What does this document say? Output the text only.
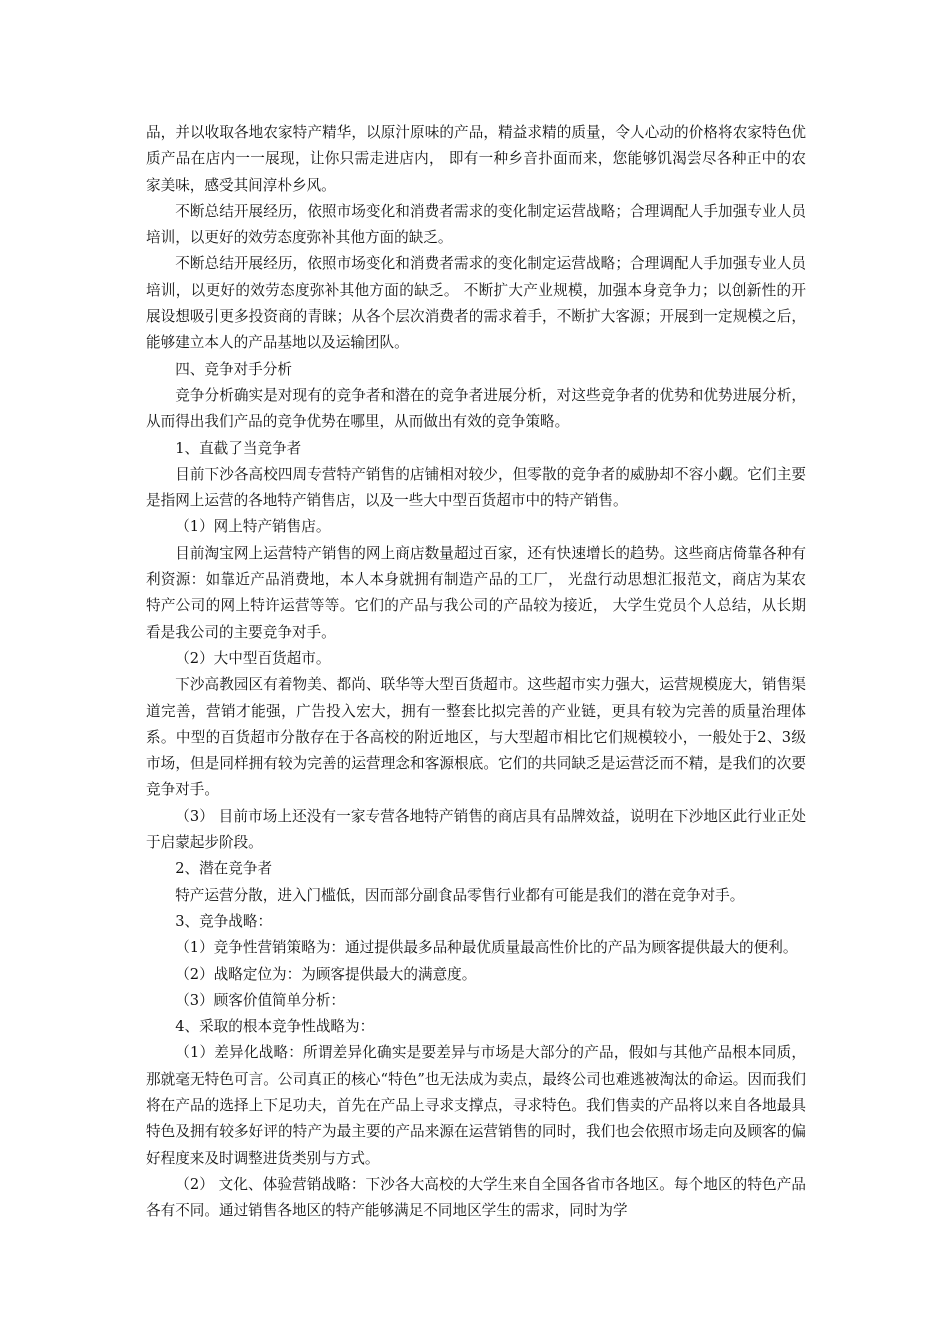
品，并以收取各地农家特产精华，以原汁原味的产品，精益求精的质量，令人心动的价格将农家特色优质产品在店内一一展现，让你只需走进店内， 即有一种乡音扑面而来，您能够饥渴尝尽各种正中的农家美味，感受其间淳朴乡风。

不断总结开展经历，依照市场变化和消费者需求的变化制定运营战略；合理调配人手加强专业人员培训，以更好的效劳态度弥补其他方面的缺乏。

不断总结开展经历，依照市场变化和消费者需求的变化制定运营战略；合理调配人手加强专业人员培训，以更好的效劳态度弥补其他方面的缺乏。 不断扩大产业规模，加强本身竞争力；以创新性的开展设想吸引更多投资商的青睐；从各个层次消费者的需求着手，不断扩大客源；开展到一定规模之后，能够建立本人的产品基地以及运输团队。

四、竞争对手分析

竞争分析确实是对现有的竞争者和潜在的竞争者进展分析，对这些竞争者的优势和优势进展分析，从而得出我们产品的竞争优势在哪里，从而做出有效的竞争策略。

1、直截了当竞争者

目前下沙各高校四周专营特产销售的店铺相对较少，但零散的竞争者的威胁却不容小觑。它们主要是指网上运营的各地特产销售店，以及一些大中型百货超市中的特产销售。

（1）网上特产销售店。

目前淘宝网上运营特产销售的网上商店数量超过百家，还有快速增长的趋势。这些商店倚靠各种有利资源：如靠近产品消费地，本人本身就拥有制造产品的工厂， 光盘行动思想汇报范文，商店为某农特产公司的网上特许运营等等。它们的产品与我公司的产品较为接近， 大学生党员个人总结，从长期看是我公司的主要竞争对手。

（2）大中型百货超市。

下沙高教园区有着物美、都尚、联华等大型百货超市。这些超市实力强大，运营规模庞大，销售渠道完善，营销才能强，广告投入宏大，拥有一整套比拟完善的产业链，更具有较为完善的质量治理体系。中型的百货超市分散存在于各高校的附近地区，与大型超市相比它们规模较小，一般处于2、3级市场，但是同样拥有较为完善的运营理念和客源根底。它们的共同缺乏是运营泛而不精，是我们的次要竞争对手。

（3） 目前市场上还没有一家专营各地特产销售的商店具有品牌效益，说明在下沙地区此行业正处于启蒙起步阶段。

2、潜在竞争者

特产运营分散，进入门槛低，因而部分副食品零售行业都有可能是我们的潜在竞争对手。

3、竞争战略：

（1）竞争性营销策略为：通过提供最多品种最优质量最高性价比的产品为顾客提供最大的便利。

（2）战略定位为：为顾客提供最大的满意度。

（3）顾客价值简单分析：

4、采取的根本竞争性战略为：

（1）差异化战略：所谓差异化确实是要差异与市场是大部分的产品，假如与其他产品根本同质，那就毫无特色可言。公司真正的核心“特色”也无法成为卖点，最终公司也难逃被淘汰的命运。因而我们将在产品的选择上下足功夫，首先在产品上寻求支撑点，寻求特色。我们售卖的产品将以来自各地最具特色及拥有较多好评的特产为最主要的产品来源在运营销售的同时，我们也会依照市场走向及顾客的偏好程度来及时调整进货类别与方式。

（2） 文化、体验营销战略：下沙各大高校的大学生来自全国各省市各地区。每个地区的特色产品各有不同。通过销售各地区的特产能够满足不同地区学生的需求，同时为学
